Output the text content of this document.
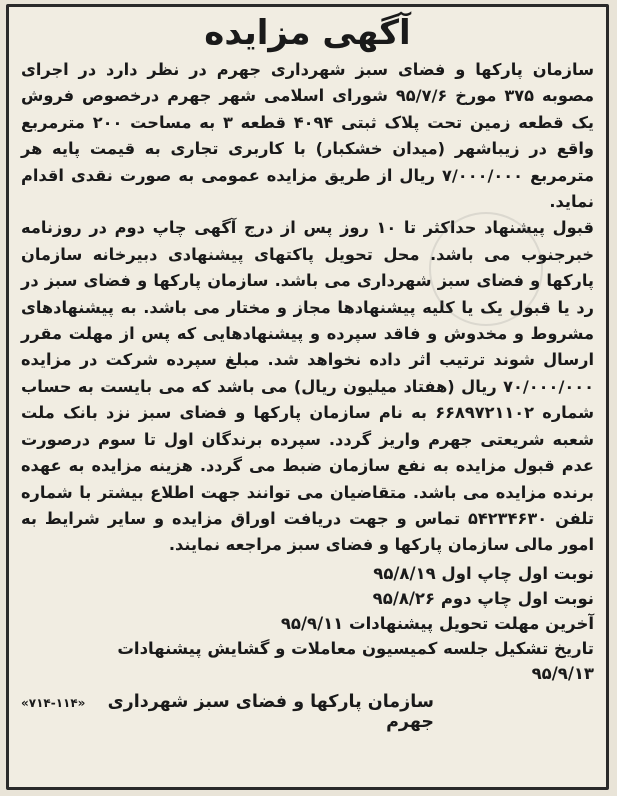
آگهی مزایده

سازمان پارکها و فضای سبز شهرداری جهرم در نظر دارد در اجرای مصوبه ۳۷۵ مورخ ۹۵/۷/۶ شورای اسلامی شهر جهرم درخصوص فروش یک قطعه زمین تحت پلاک ثبتی ۴۰۹۴ قطعه ۳ به مساحت ۲۰۰ مترمربع واقع در زیباشهر (میدان خشکبار) با کاربری تجاری به قیمت پایه هر مترمربع ۷/۰۰۰/۰۰۰ ریال از طریق مزایده عمومی به صورت نقدی اقدام نماید.

قبول پیشنهاد حداکثر تا ۱۰ روز پس از درج آگهی چاپ دوم در روزنامه خبرجنوب می باشد. محل تحویل پاکتهای پیشنهادی دبیرخانه سازمان پارکها و فضای سبز شهرداری می باشد. سازمان پارکها و فضای سبز در رد یا قبول یک یا کلیه پیشنهادها مجاز و مختار می باشد. به پیشنهادهای مشروط و مخدوش و فاقد سپرده و پیشنهادهایی که پس از مهلت مقرر ارسال شوند ترتیب اثر داده نخواهد شد. مبلغ سپرده شرکت در مزایده ۷۰/۰۰۰/۰۰۰ ریال (هفتاد میلیون ریال) می باشد که می بایست به حساب شماره ۶۶۸۹۷۲۱۱۰۲ به نام سازمان پارکها و فضای سبز نزد بانک ملت شعبه شریعتی جهرم واریز گردد. سپرده برندگان اول تا سوم درصورت عدم قبول مزایده به نفع سازمان ضبط می گردد. هزینه مزایده به عهده برنده مزایده می باشد. متقاضیان می توانند جهت اطلاع بیشتر با شماره تلفن ۵۴۲۳۴۶۳۰ تماس و جهت دریافت اوراق مزایده و سایر شرایط به امور مالی سازمان پارکها و فضای سبز مراجعه نمایند.

نوبت اول چاپ اول ۹۵/۸/۱۹
نوبت اول چاپ دوم ۹۵/۸/۲۶
آخرین مهلت تحویل پیشنهادات ۹۵/۹/۱۱
تاریخ تشکیل جلسه کمیسیون معاملات و گشایش پیشنهادات
۹۵/۹/۱۳
سازمان پارکها و فضای سبز شهرداری جهرم
«۷۱۴-۱۱۴»
